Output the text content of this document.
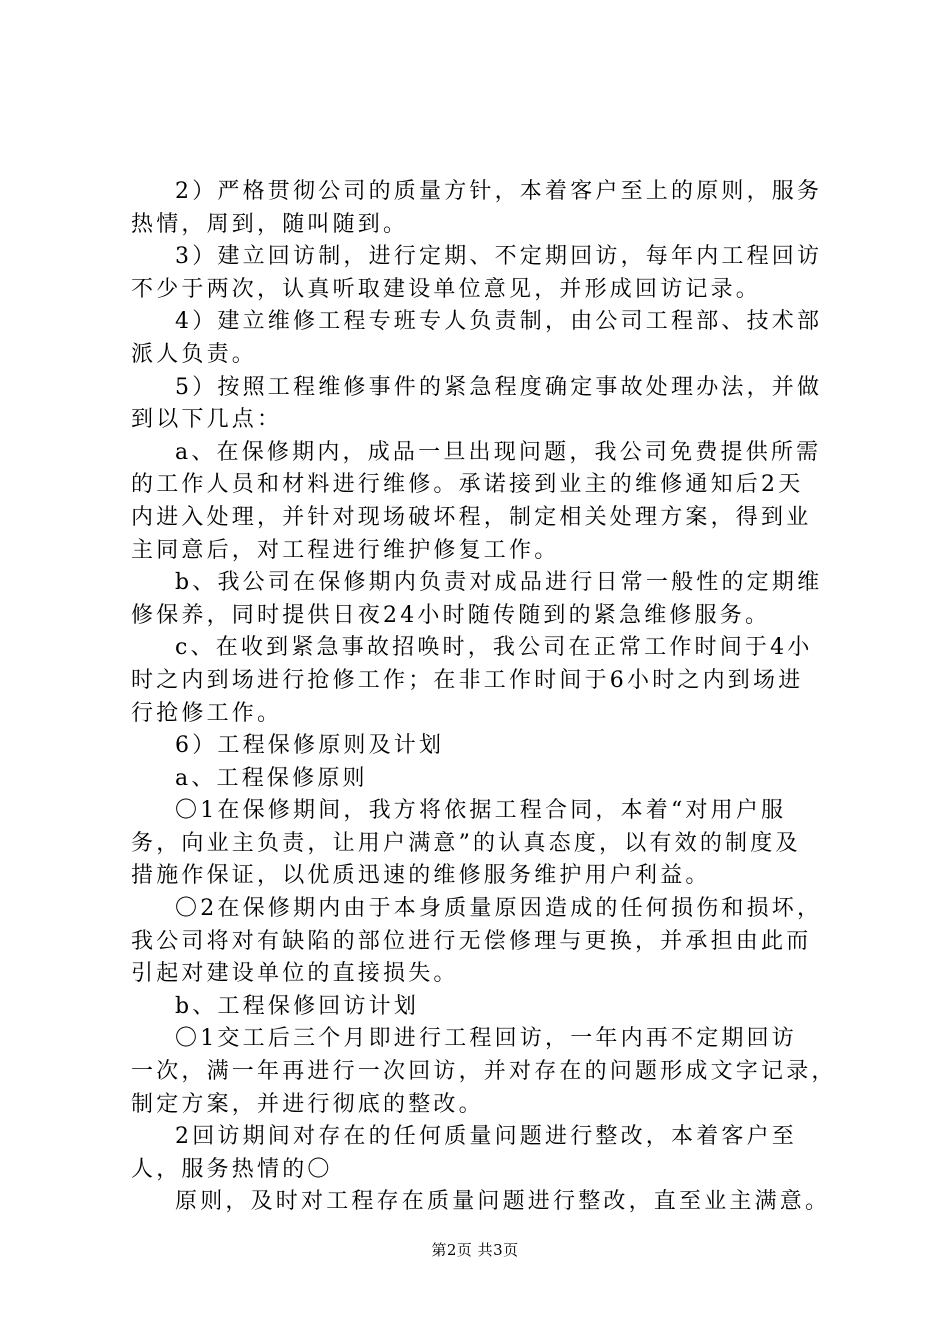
2）严格贯彻公司的质量方针，本着客户至上的原则，服务
热情，周到，随叫随到。
3）建立回访制，进行定期、不定期回访，每年内工程回访
不少于两次，认真听取建设单位意见，并形成回访记录。
4）建立维修工程专班专人负责制，由公司工程部、技术部
派人负责。
5）按照工程维修事件的紧急程度确定事故处理办法，并做
到以下几点：
a、在保修期内，成品一旦出现问题，我公司免费提供所需
的工作人员和材料进行维修。承诺接到业主的维修通知后2天
内进入处理，并针对现场破坏程，制定相关处理方案，得到业
主同意后，对工程进行维护修复工作。
b、我公司在保修期内负责对成品进行日常一般性的定期维
修保养，同时提供日夜24小时随传随到的紧急维修服务。
c、在收到紧急事故招唤时，我公司在正常工作时间于4小
时之内到场进行抢修工作；在非工作时间于6小时之内到场进
行抢修工作。
6）工程保修原则及计划
a、工程保修原则
〇1在保修期间，我方将依据工程合同，本着“对用户服
务，向业主负责，让用户满意”的认真态度，以有效的制度及
措施作保证，以优质迅速的维修服务维护用户利益。
〇2在保修期内由于本身质量原因造成的任何损伤和损坏，
我公司将对有缺陷的部位进行无偿修理与更换，并承担由此而
引起对建设单位的直接损失。
b、工程保修回访计划
〇1交工后三个月即进行工程回访，一年内再不定期回访
一次，满一年再进行一次回访，并对存在的问题形成文字记录，
制定方案，并进行彻底的整改。
2回访期间对存在的任何质量问题进行整改，本着客户至
人，服务热情的〇
原则，及时对工程存在质量问题进行整改，直至业主满意。
第2页 共3页
